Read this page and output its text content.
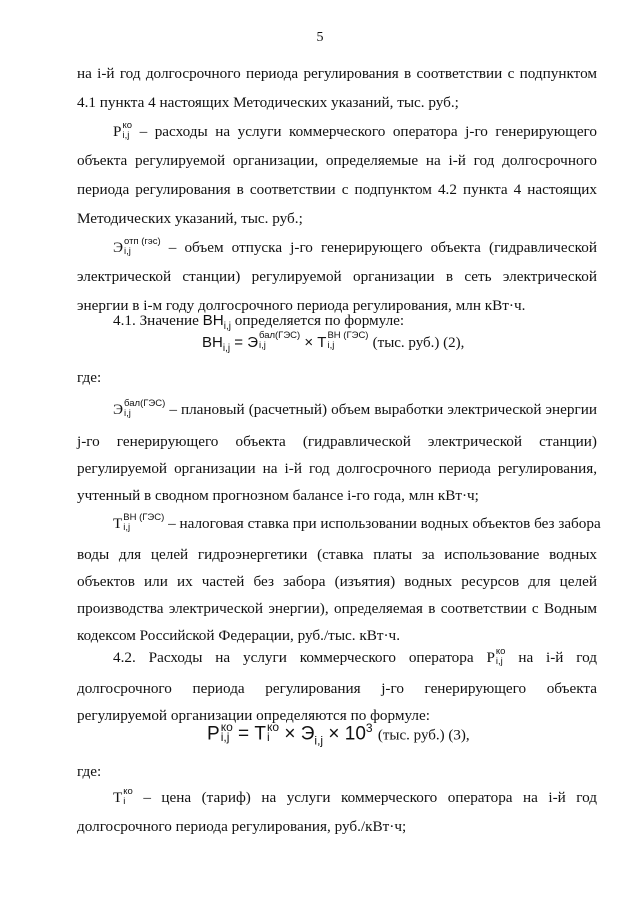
5
на i-й год долгосрочного периода регулирования в соответствии с подпунктом
4.1 пункта 4 настоящих Методических указаний, тыс. руб.;
Р ко
i,j – расходы на услуги коммерческого оператора j-го генерирующего
объекта регулируемой организации, определяемые на i-й год долгосрочного
периода регулирования в соответствии с подпунктом 4.2 пункта 4 настоящих
Методических указаний, тыс. руб.;
Э отп (гэс)
i,j	– объем отпуска j-го генерирующего объекта (гидравлической
электрической станции) регулируемой организации в сеть электрической
энергии в i-м году долгосрочного периода регулирования, млн кВт·ч.
4.1. Значение $ВН_{i,j}$ определяется по формуле:
$ВН_{i,j} = Э$ бал(ГЭС)
i,j	× Т ВН (ГЭС)
i,j	(тыс. руб.) (2),
где:
Э бал(ГЭС)
i,j	– плановый (расчетный) объем выработки электрической энергии
j-го генерирующего объекта (гидравлической электрической станции)
регулируемой организации на i-й год долгосрочного периода регулирования,
учтенный в сводном прогнозном балансе i-го года, млн кВт·ч;
Т ВН (ГЭС)
i,j	– налоговая ставка при использовании водных объектов без забора
воды для целей гидроэнергетики (ставка платы за использование водных
объектов или их частей без забора (изъятия) водных ресурсов для целей
производства электрической энергии), определяемая в соответствии с Водным
кодексом Российской Федерации, руб./тыс. кВт·ч.
4.2. Расходы на услуги коммерческого оператора Р ко
i,j на i-й год
долгосрочного периода регулирования j-го генерирующего объекта
регулируемой организации определяются по формуле:
Р ко
i,j = Т ко
$i \times Э_{i,j} \times 10^3$ (тыс. руб.) (3),
где:
Т ко
i	– цена (тариф) на услуги коммерческого оператора на i-й год
долгосрочного периода регулирования, руб./кВт·ч;
